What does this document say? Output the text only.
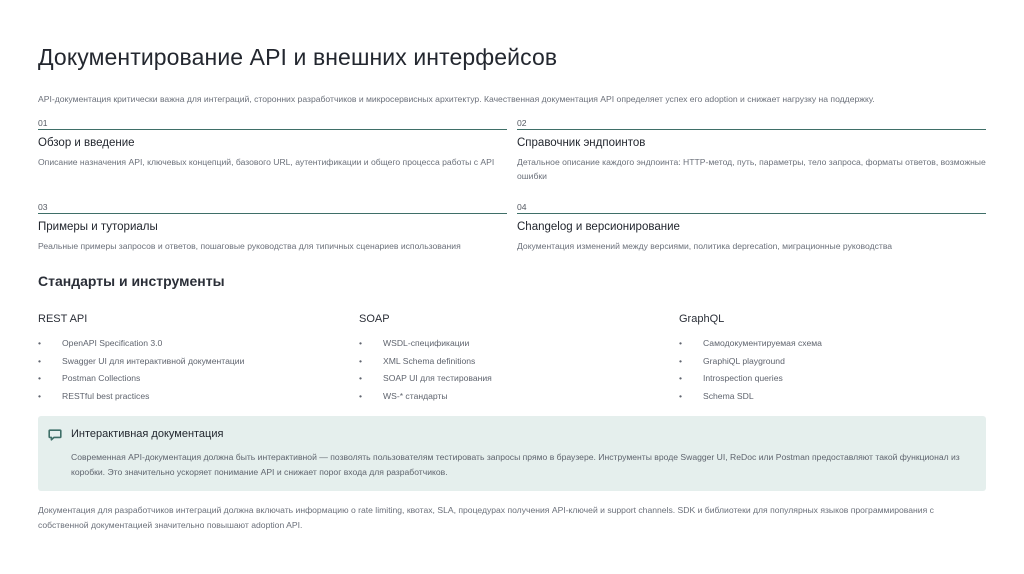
Документирование API и внешних интерфейсов

API-документация критически важна для интеграций, сторонних разработчиков и микросервисных архитектур. Качественная документация API определяет успех его adoption и снижает нагрузку на поддержку.

01
Обзор и введение
Описание назначения API, ключевых концепций, базового URL, аутентификации и общего процесса работы с API
02
Справочник эндпоинтов
Детальное описание каждого эндпоинта: HTTP-метод, путь, параметры, тело запроса, форматы ответов, возможные ошибки
03
Примеры и туториалы
Реальные примеры запросов и ответов, пошаговые руководства для типичных сценариев использования
04
Changelog и версионирование
Документация изменений между версиями, политика deprecation, миграционные руководства
Стандарты и инструменты
REST API
• OpenAPI Specification 3.0
• Swagger UI для интерактивной документации
• Postman Collections
• RESTful best practices
SOAP
• WSDL-спецификации
• XML Schema definitions
• SOAP UI для тестирования
• WS-* стандарты
GraphQL
• Самодокументируемая схема
• GraphiQL playground
• Introspection queries
• Schema SDL
Интерактивная документация
Современная API-документация должна быть интерактивной — позволять пользователям тестировать запросы прямо в браузере. Инструменты вроде Swagger UI, ReDoc или Postman предоставляют такой функционал из коробки. Это значительно ускоряет понимание API и снижает порог входа для разработчиков.

Документация для разработчиков интеграций должна включать информацию о rate limiting, квотах, SLA, процедурах получения API-ключей и support channels. SDK и библиотеки для популярных языков программирования с собственной документацией значительно повышают adoption API.
